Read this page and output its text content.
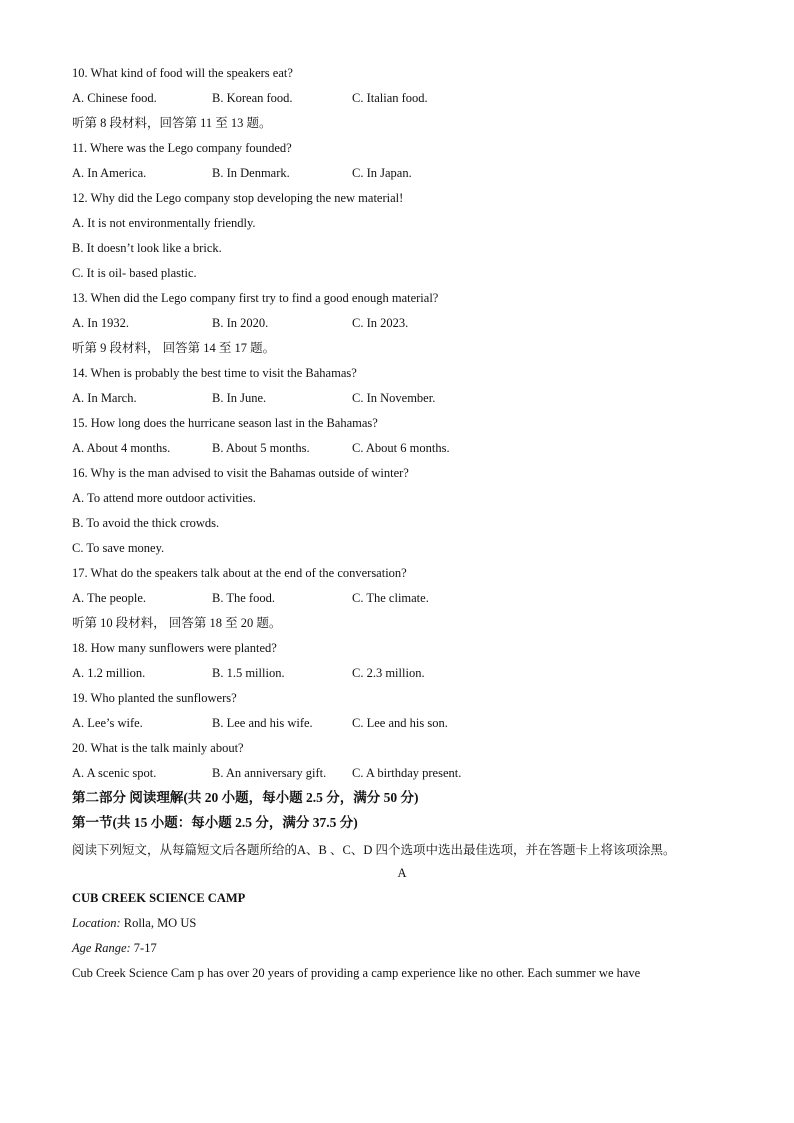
10. What kind of food will the speakers eat?
A. Chinese food.	B. Korean food.	C. Italian food.
听第 8 段材料，回答第 11 至 13 题。
11. Where was the Lego company founded?
A. In America.	B. In Denmark.	C. In Japan.
12. Why did the Lego company stop developing the new material!
A. It is not environmentally friendly.
B. It doesn’t look like a brick.
C. It is oil- based plastic.
13. When did the Lego company first try to find a good enough material?
A. In 1932.	B. In 2020.	C. In 2023.
听第 9 段材料， 回答第 14 至 17 题。
14. When is probably the best time to visit the Bahamas?
A. In March.	B. In June.	C. In November.
15. How long does the hurricane season last in the Bahamas?
A. About 4 months.	B. About 5 months.	C. About 6 months.
16. Why is the man advised to visit the Bahamas outside of winter?
A. To attend more outdoor activities.
B. To avoid the thick crowds.
C. To save money.
17. What do the speakers talk about at the end of the conversation?
A. The people.	B. The food.	C. The climate.
听第 10 段材料， 回答第 18 至 20 题。
18. How many sunflowers were planted?
A. 1.2 million.	B. 1.5 million.	C. 2.3 million.
19. Who planted the sunflowers?
A. Lee’s wife.	B. Lee and his wife.	C. Lee and his son.
20. What is the talk mainly about?
A. A scenic spot.	B. An anniversary gift. C. A birthday present.
第二部分 阅读理解(共 20 小题，每小题 2.5 分，满分 50 分)
第一节(共 15 小题：每小题 2.5 分，满分 37.5 分)
阅读下列短文，从每篇短文后各题所给的A、B 、C、D 四个选项中选出最佳选项，并在答题卡上将该项涂黑。
A
CUB CREEK SCIENCE CAMP
Location: Rolla, MO US
Age Range: 7-17
Cub Creek Science Cam p has over 20 years of providing a camp experience like no other. Each summer we have
